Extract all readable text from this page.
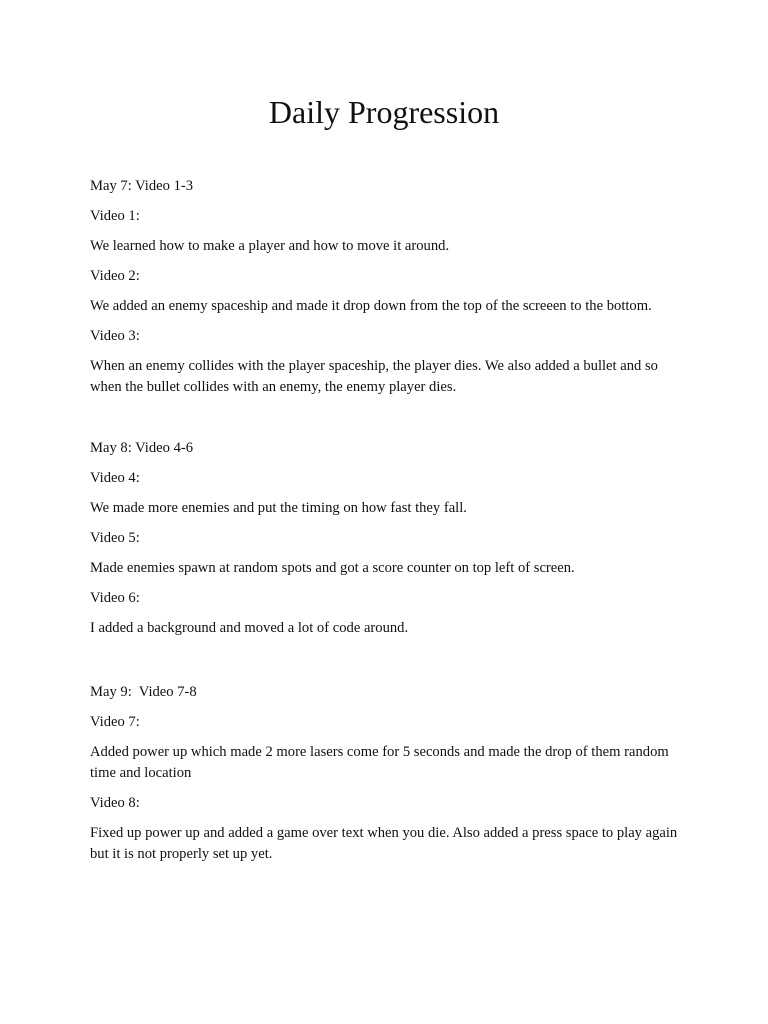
Daily Progression

May 7: Video 1-3

Video 1:

We learned how to make a player and how to move it around.

Video 2:

We added an enemy spaceship and made it drop down from the top of the screeen to the bottom.

Video 3:

When an enemy collides with the player spaceship, the player dies. We also added a bullet and so when the bullet collides with an enemy, the enemy player dies.

May 8: Video 4-6

Video 4:

We made more enemies and put the timing on how fast they fall.

Video 5:

Made enemies spawn at random spots and got a score counter on top left of screen.

Video 6:

I added a background and moved a lot of code around.

May 9:  Video 7-8

Video 7:

Added power up which made 2 more lasers come for 5 seconds and made the drop of them random time and location

Video 8:

Fixed up power up and added a game over text when you die. Also added a press space to play again but it is not properly set up yet.
